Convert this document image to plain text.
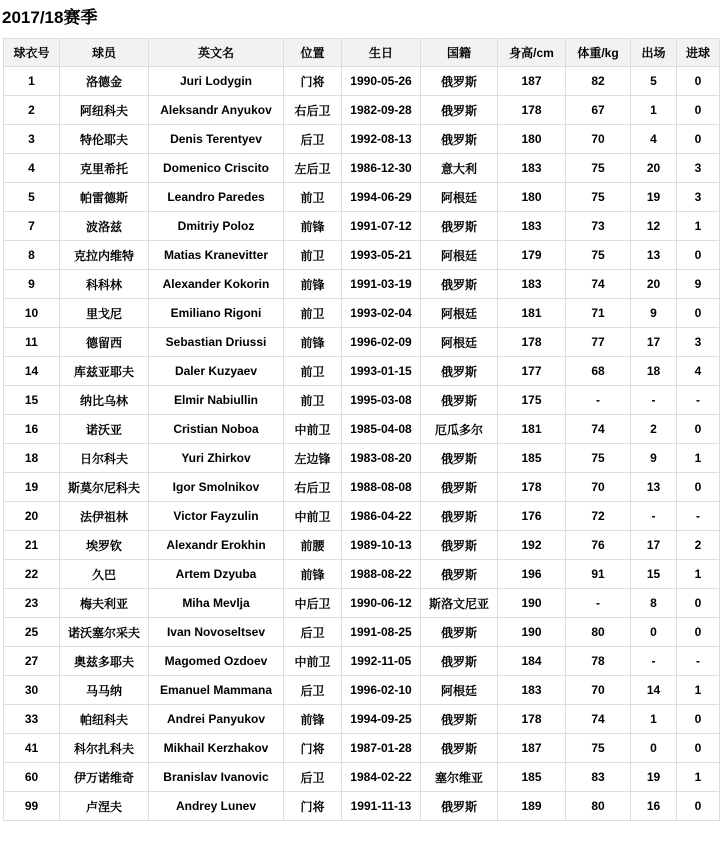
2017/18赛季
球衣号	球员	英文名	位置	生日	国籍	身高/cm	体重/kg	出场	进球
1	洛德金	Juri Lodygin	门将	1990-05-26	俄罗斯	187	82	5	0
2	阿纽科夫	Aleksandr Anyukov	右后卫	1982-09-28	俄罗斯	178	67	1	0
3	特伦耶夫	Denis Terentyev	后卫	1992-08-13	俄罗斯	180	70	4	0
4	克里希托	Domenico Criscito	左后卫	1986-12-30	意大利	183	75	20	3
5	帕雷德斯	Leandro Paredes	前卫	1994-06-29	阿根廷	180	75	19	3
7	波洛兹	Dmitriy Poloz	前锋	1991-07-12	俄罗斯	183	73	12	1
8	克拉内维特	Matias Kranevitter	前卫	1993-05-21	阿根廷	179	75	13	0
9	科科林	Alexander Kokorin	前锋	1991-03-19	俄罗斯	183	74	20	9
10	里戈尼	Emiliano Rigoni	前卫	1993-02-04	阿根廷	181	71	9	0
11	德留西	Sebastian Driussi	前锋	1996-02-09	阿根廷	178	77	17	3
14	库兹亚耶夫	Daler Kuzyaev	前卫	1993-01-15	俄罗斯	177	68	18	4
15	纳比乌林	Elmir Nabiullin	前卫	1995-03-08	俄罗斯	175	-	-	-
16	诺沃亚	Cristian Noboa	中前卫	1985-04-08	厄瓜多尔	181	74	2	0
18	日尔科夫	Yuri Zhirkov	左边锋	1983-08-20	俄罗斯	185	75	9	1
19	斯莫尔尼科夫	Igor Smolnikov	右后卫	1988-08-08	俄罗斯	178	70	13	0
20	法伊祖林	Victor Fayzulin	中前卫	1986-04-22	俄罗斯	176	72	-	-
21	埃罗钦	Alexandr Erokhin	前腰	1989-10-13	俄罗斯	192	76	17	2
22	久巴	Artem Dzyuba	前锋	1988-08-22	俄罗斯	196	91	15	1
23	梅夫利亚	Miha Mevlja	中后卫	1990-06-12	斯洛文尼亚	190	-	8	0
25	诺沃塞尔采夫	Ivan Novoseltsev	后卫	1991-08-25	俄罗斯	190	80	0	0
27	奥兹多耶夫	Magomed Ozdoev	中前卫	1992-11-05	俄罗斯	184	78	-	-
30	马马纳	Emanuel Mammana	后卫	1996-02-10	阿根廷	183	70	14	1
33	帕纽科夫	Andrei Panyukov	前锋	1994-09-25	俄罗斯	178	74	1	0
41	科尔扎科夫	Mikhail Kerzhakov	门将	1987-01-28	俄罗斯	187	75	0	0
60	伊万诺维奇	Branislav Ivanovic	后卫	1984-02-22	塞尔维亚	185	83	19	1
99	卢涅夫	Andrey Lunev	门将	1991-11-13	俄罗斯	189	80	16	0
